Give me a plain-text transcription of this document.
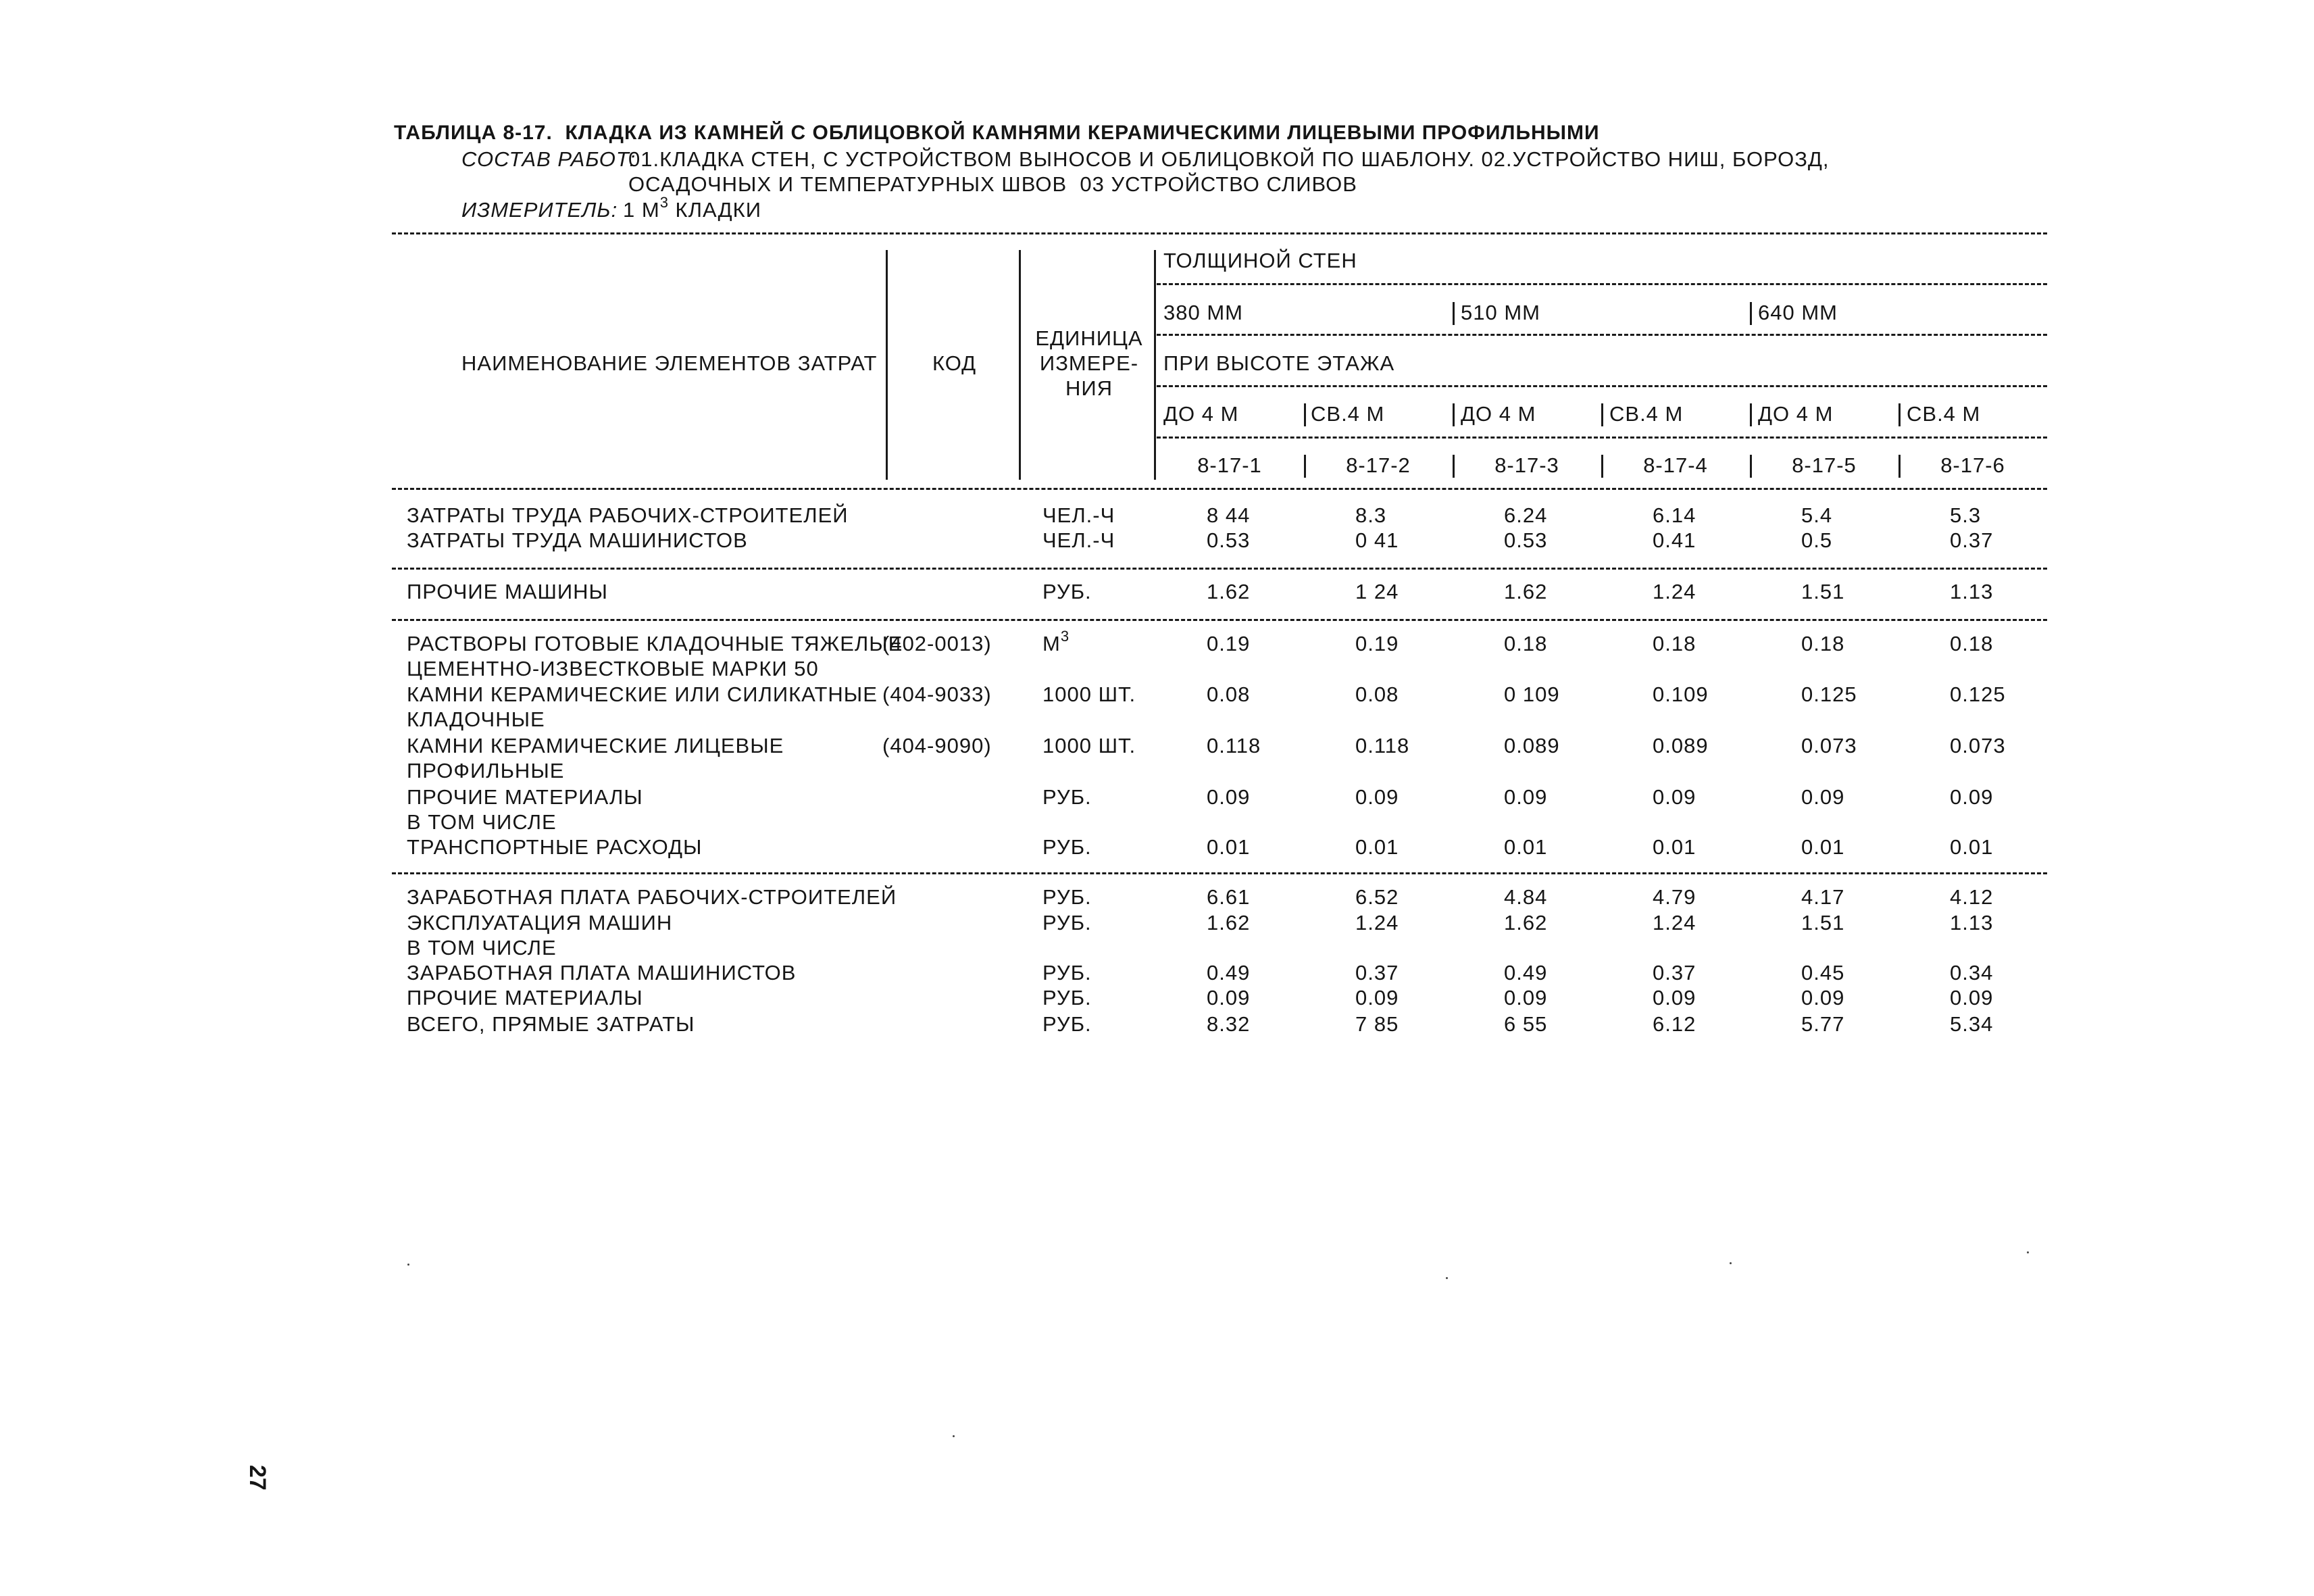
ТАБЛИЦА 8-17.  КЛАДКА ИЗ КАМНЕЙ С ОБЛИЦОВКОЙ КАМНЯМИ КЕРАМИЧЕСКИМИ ЛИЦЕВЫМИ ПРОФИЛЬНЫМИ
СОСТАВ РАБОТ:
01.КЛАДКА СТЕН, С УСТРОЙСТВОМ ВЫНОСОВ И ОБЛИЦОВКОЙ ПО ШАБЛОНУ. 02.УСТРОЙСТВО НИШ, БОРОЗД,
ОСАДОЧНЫХ И ТЕМПЕРАТУРНЫХ ШВОВ  03 УСТРОЙСТВО СЛИВОВ
ИЗМЕРИТЕЛЬ: 1 $М^3$ КЛАДКИ
НАИМЕНОВАНИЕ ЭЛЕМЕНТОВ ЗАТРАТ	КОД
ЕДИНИЦА
ИЗМЕРЕ-
НИЯ
ТОЛЩИНОЙ СТЕН
380 ММ	510 ММ	640 ММ
ПРИ ВЫСОТЕ ЭТАЖА
ДО 4 М	СВ.4 М	ДО 4 М	СВ.4 М	ДО 4 М	СВ.4 М
8-17-1	8-17-2	8-17-3	8-17-4	8-17-5	8-17-6
ЗАТРАТЫ ТРУДА РАБОЧИХ-СТРОИТЕЛЕЙ	ЧЕЛ.-Ч	8 44	8.3	6.24	6.14	5.4	5.3
ЗАТРАТЫ ТРУДА МАШИНИСТОВ	ЧЕЛ.-Ч	0.53	0 41	0.53	0.41	0.5	0.37
ПРОЧИЕ МАШИНЫ	РУБ.	1.62	1 24	1.62	1.24	1.51	1.13
РАСТВОРЫ ГОТОВЫЕ КЛАДОЧНЫЕ ТЯЖЕЛЫЕ
ЦЕМЕНТНО-ИЗВЕСТКОВЫЕ МАРКИ 50
(402-0013) $М^3$	0.19	0.19	0.18	0.18	0.18	0.18
КАМНИ КЕРАМИЧЕСКИЕ ИЛИ СИЛИКАТНЫЕ
КЛАДОЧНЫЕ
(404-9033) 1000 ШТ.	0.08	0.08	0 109	0.109	0.125	0.125
КАМНИ КЕРАМИЧЕСКИЕ ЛИЦЕВЫЕ
ПРОФИЛЬНЫЕ
(404-9090) 1000 ШТ.	0.118	0.118	0.089	0.089	0.073	0.073
ПРОЧИЕ МАТЕРИАЛЫ
В ТОМ ЧИСЛЕ
РУБ.	0.09	0.09	0.09	0.09	0.09	0.09
ТРАНСПОРТНЫЕ РАСХОДЫ	РУБ.	0.01	0.01	0.01	0.01	0.01	0.01
ЗАРАБОТНАЯ ПЛАТА РАБОЧИХ-СТРОИТЕЛЕЙ	РУБ.	6.61	6.52	4.84	4.79	4.17	4.12
ЭКСПЛУАТАЦИЯ МАШИН
В ТОМ ЧИСЛЕ
РУБ.	1.62	1.24	1.62	1.24	1.51	1.13
ЗАРАБОТНАЯ ПЛАТА МАШИНИСТОВ	РУБ.	0.49	0.37	0.49	0.37	0.45	0.34
ПРОЧИЕ МАТЕРИАЛЫ	РУБ.	0.09	0.09	0.09	0.09	0.09	0.09
ВСЕГО, ПРЯМЫЕ ЗАТРАТЫ	РУБ.	8.32	7 85	6 55	6.12	5.77	5.34
27
